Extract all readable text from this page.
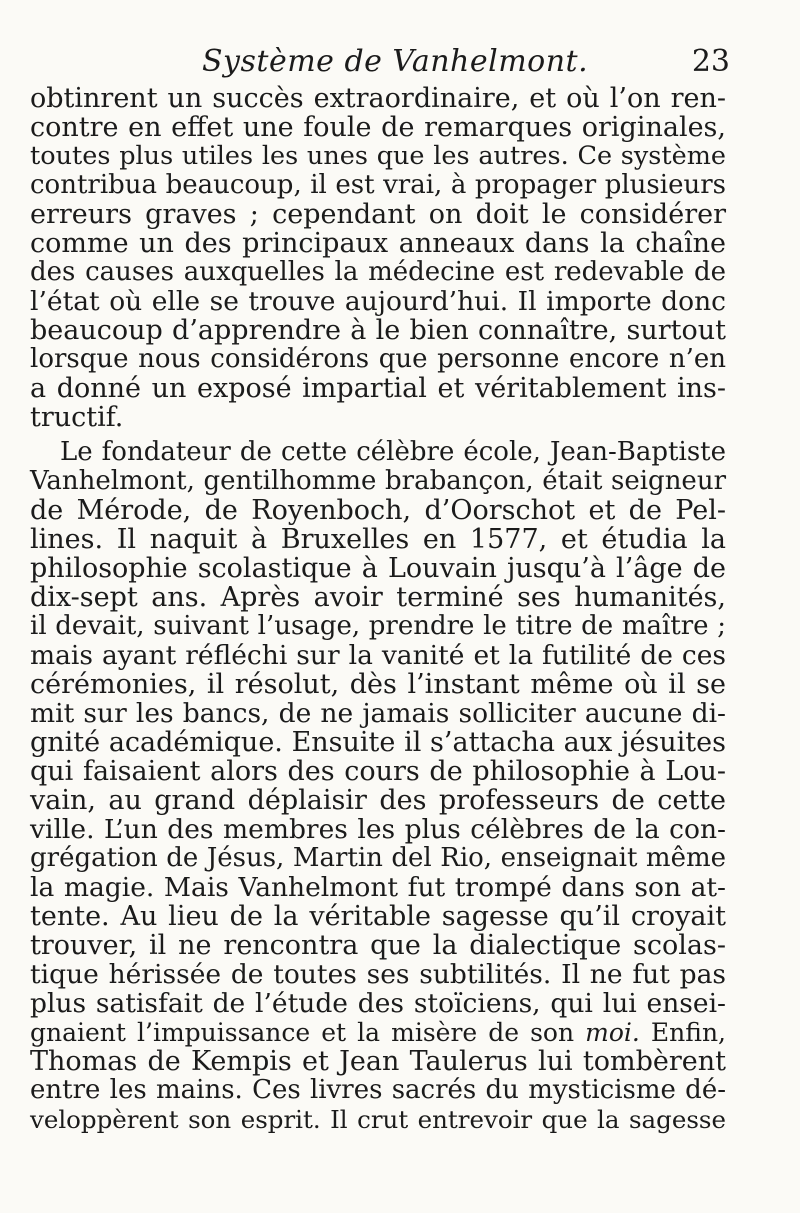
Système de Vanhelmont.	23
obtinrent un succès extraordinaire, et où l’on ren-
contre en effet une foule de remarques originales,
toutes plus utiles les unes que les autres. Ce système
contribua beaucoup, il est vrai, à propager plusieurs
erreurs graves ; cependant on doit le considérer
comme un des principaux anneaux dans la chaîne
des causes auxquelles la médecine est redevable de
l’état où elle se trouve aujourd’hui. Il importe donc
beaucoup d’apprendre à le bien connaître, surtout
lorsque nous considérons que personne encore n’en
a donné un exposé impartial et véritablement ins-
tructif.
Le fondateur de cette célèbre école, Jean-Baptiste
Vanhelmont, gentilhomme brabançon, était seigneur
de Mérode, de Royenboch, d’Oorschot et de Pel-
lines. Il naquit à Bruxelles en 1577, et étudia la
philosophie scolastique à Louvain jusqu’à l’âge de
dix-sept ans. Après avoir terminé ses humanités,
il devait, suivant l’usage, prendre le titre de maître ;
mais ayant réfléchi sur la vanité et la futilité de ces
cérémonies, il résolut, dès l’instant même où il se
mit sur les bancs, de ne jamais solliciter aucune di-
gnité académique. Ensuite il s’attacha aux jésuites
qui faisaient alors des cours de philosophie à Lou-
vain, au grand déplaisir des professeurs de cette
ville. L’un des membres les plus célèbres de la con-
grégation de Jésus, Martin del Rio, enseignait même
la magie. Mais Vanhelmont fut trompé dans son at-
tente. Au lieu de la véritable sagesse qu’il croyait
trouver, il ne rencontra que la dialectique scolas-
tique hérissée de toutes ses subtilités. Il ne fut pas
plus satisfait de l’étude des stoïciens, qui lui ensei-
gnaient l’impuissance et la misère de son moi. Enfin,
Thomas de Kempis et Jean Taulerus lui tombèrent
entre les mains. Ces livres sacrés du mysticisme dé-
veloppèrent son esprit. Il crut entrevoir que la sagesse
